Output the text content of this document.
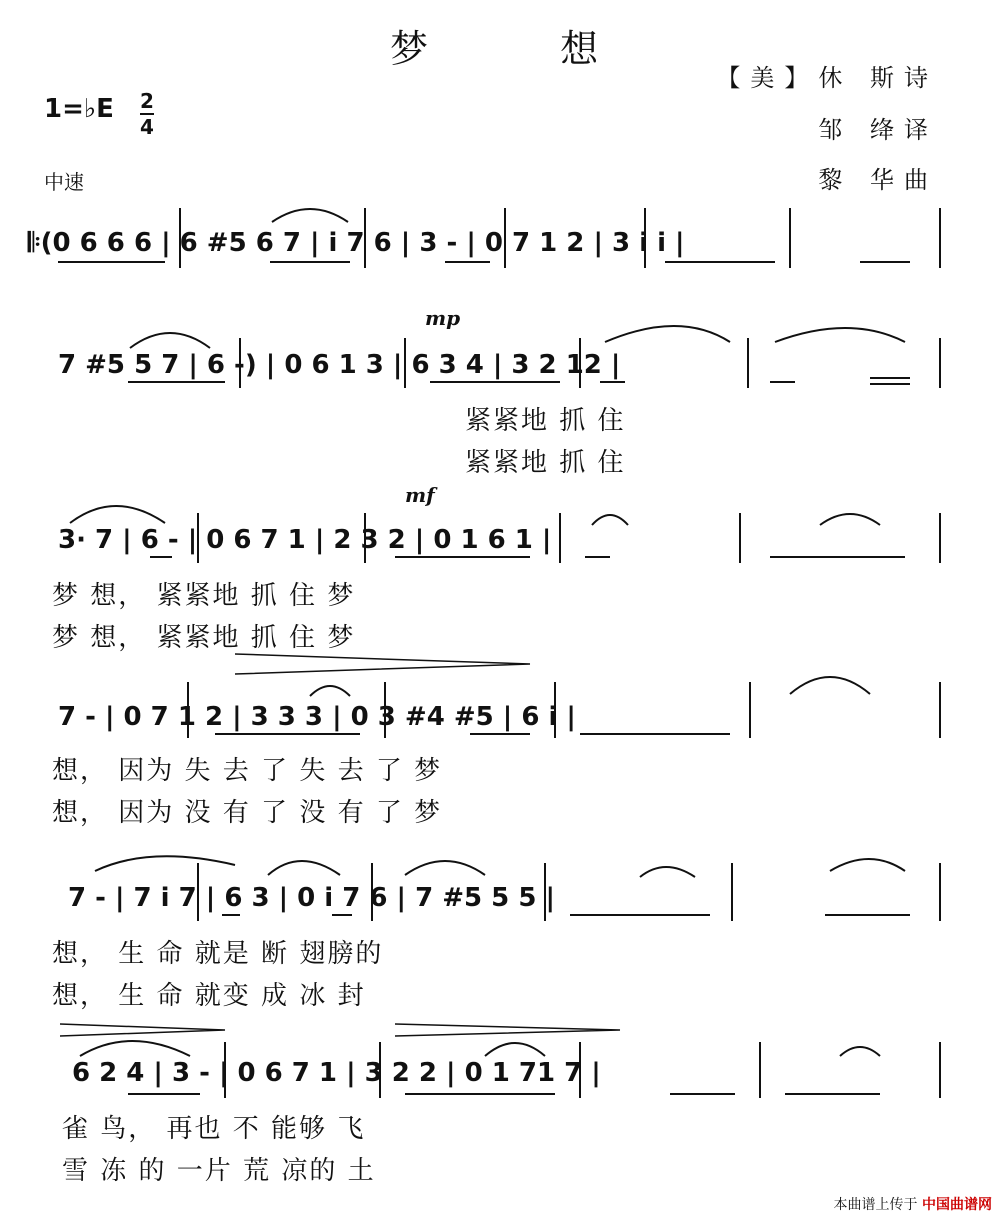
梦 想
【美】休 斯诗
邹 绛译
黎 华曲
1=♭E 2
4
中速
𝄆(0 6 6 6 | 6 #5 6 7 | i 7 6 | 3 - | 0 7 1 2 | 3 i i |
mp
7 #5 5 7 | 6 -) | 0 6 1 3 | 6 3 4 | 3 2 12 |
紧紧地 抓 住
紧紧地 抓 住
mf
3· 7 | 6 - | 0 6 7 1 | 2 3 2 | 0 1 6 1 |
梦 想， 紧紧地 抓 住 梦
梦 想， 紧紧地 抓 住 梦
7 - | 0 7 1 2 | 3 3 3 | 0 3 #4 #5 | 6 i |
想， 因为 失 去 了 失 去 了 梦
想， 因为 没 有 了 没 有 了 梦
7 - | 7 i 7 | 6 3 | 0 i 7 6 | 7 #5 5 5 |
想， 生 命 就是 断 翅膀的
想， 生 命 就变 成 冰 封
6 2 4 | 3 - | 0 6 7 1 | 3 2 2 | 0 1 71 7 |
雀 鸟， 再也 不 能够 飞
雪 冻 的 一片 荒 凉的 土
本曲谱上传于 中国曲谱网
